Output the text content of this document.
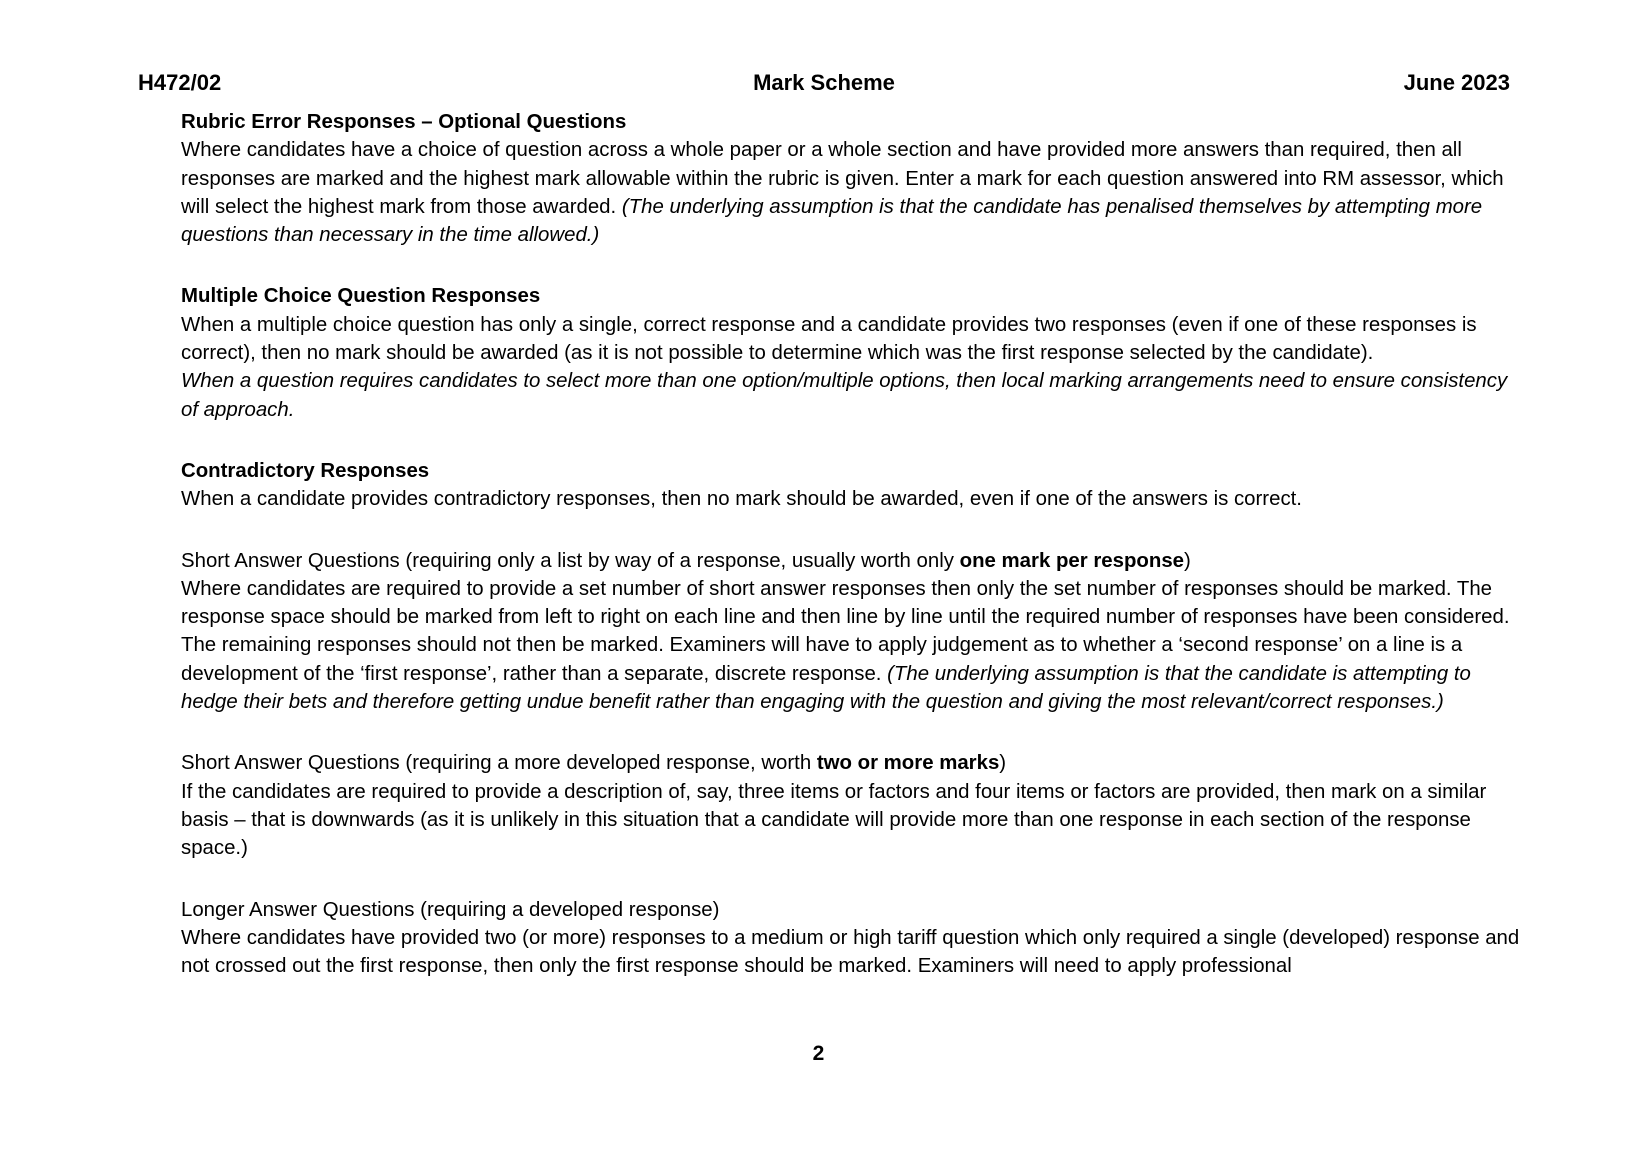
H472/02	Mark Scheme	June 2023

Rubric Error Responses – Optional Questions

Where candidates have a choice of question across a whole paper or a whole section and have provided more answers than required, then all responses are marked and the highest mark allowable within the rubric is given. Enter a mark for each question answered into RM assessor, which will select the highest mark from those awarded. (The underlying assumption is that the candidate has penalised themselves by attempting more questions than necessary in the time allowed.)

Multiple Choice Question Responses

When a multiple choice question has only a single, correct response and a candidate provides two responses (even if one of these responses is correct), then no mark should be awarded (as it is not possible to determine which was the first response selected by the candidate).

When a question requires candidates to select more than one option/multiple options, then local marking arrangements need to ensure consistency of approach.

Contradictory Responses

When a candidate provides contradictory responses, then no mark should be awarded, even if one of the answers is correct.

Short Answer Questions (requiring only a list by way of a response, usually worth only one mark per response)

Where candidates are required to provide a set number of short answer responses then only the set number of responses should be marked. The response space should be marked from left to right on each line and then line by line until the required number of responses have been considered. The remaining responses should not then be marked. Examiners will have to apply judgement as to whether a ‘second response’ on a line is a development of the ‘first response’, rather than a separate, discrete response. (The underlying assumption is that the candidate is attempting to hedge their bets and therefore getting undue benefit rather than engaging with the question and giving the most relevant/correct responses.)

Short Answer Questions (requiring a more developed response, worth two or more marks)

If the candidates are required to provide a description of, say, three items or factors and four items or factors are provided, then mark on a similar basis – that is downwards (as it is unlikely in this situation that a candidate will provide more than one response in each section of the response space.)

Longer Answer Questions (requiring a developed response)

Where candidates have provided two (or more) responses to a medium or high tariff question which only required a single (developed) response and not crossed out the first response, then only the first response should be marked. Examiners will need to apply professional

2
